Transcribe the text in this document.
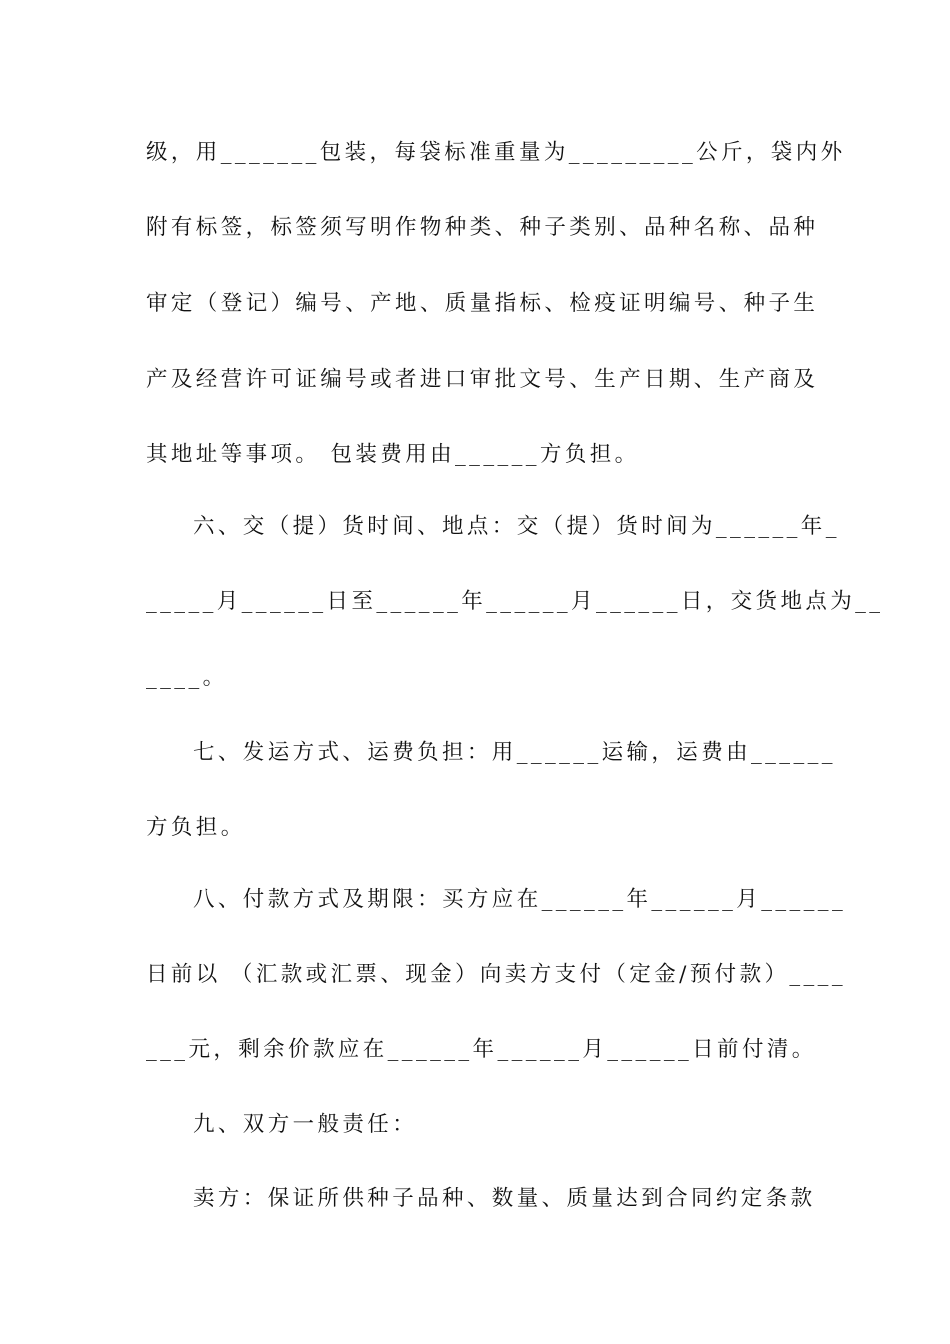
级，用_______包装，每袋标准重量为_________公斤，袋内外
附有标签，标签须写明作物种类、种子类别、品种名称、品种
审定（登记）编号、产地、质量指标、检疫证明编号、种子生
产及经营许可证编号或者进口审批文号、生产日期、生产商及
其地址等事项。 包装费用由______方负担。
六、交（提）货时间、地点：交（提）货时间为______年_
_____月______日至______年______月______日，交货地点为__
____。
七、发运方式、运费负担：用______运输，运费由______
方负担。
八、付款方式及期限：买方应在______年______月______
日前以 （汇款或汇票、现金）向卖方支付（定金/预付款）____
___元，剩余价款应在______年______月______日前付清。
九、双方一般责任：
卖方：保证所供种子品种、数量、质量达到合同约定条款
